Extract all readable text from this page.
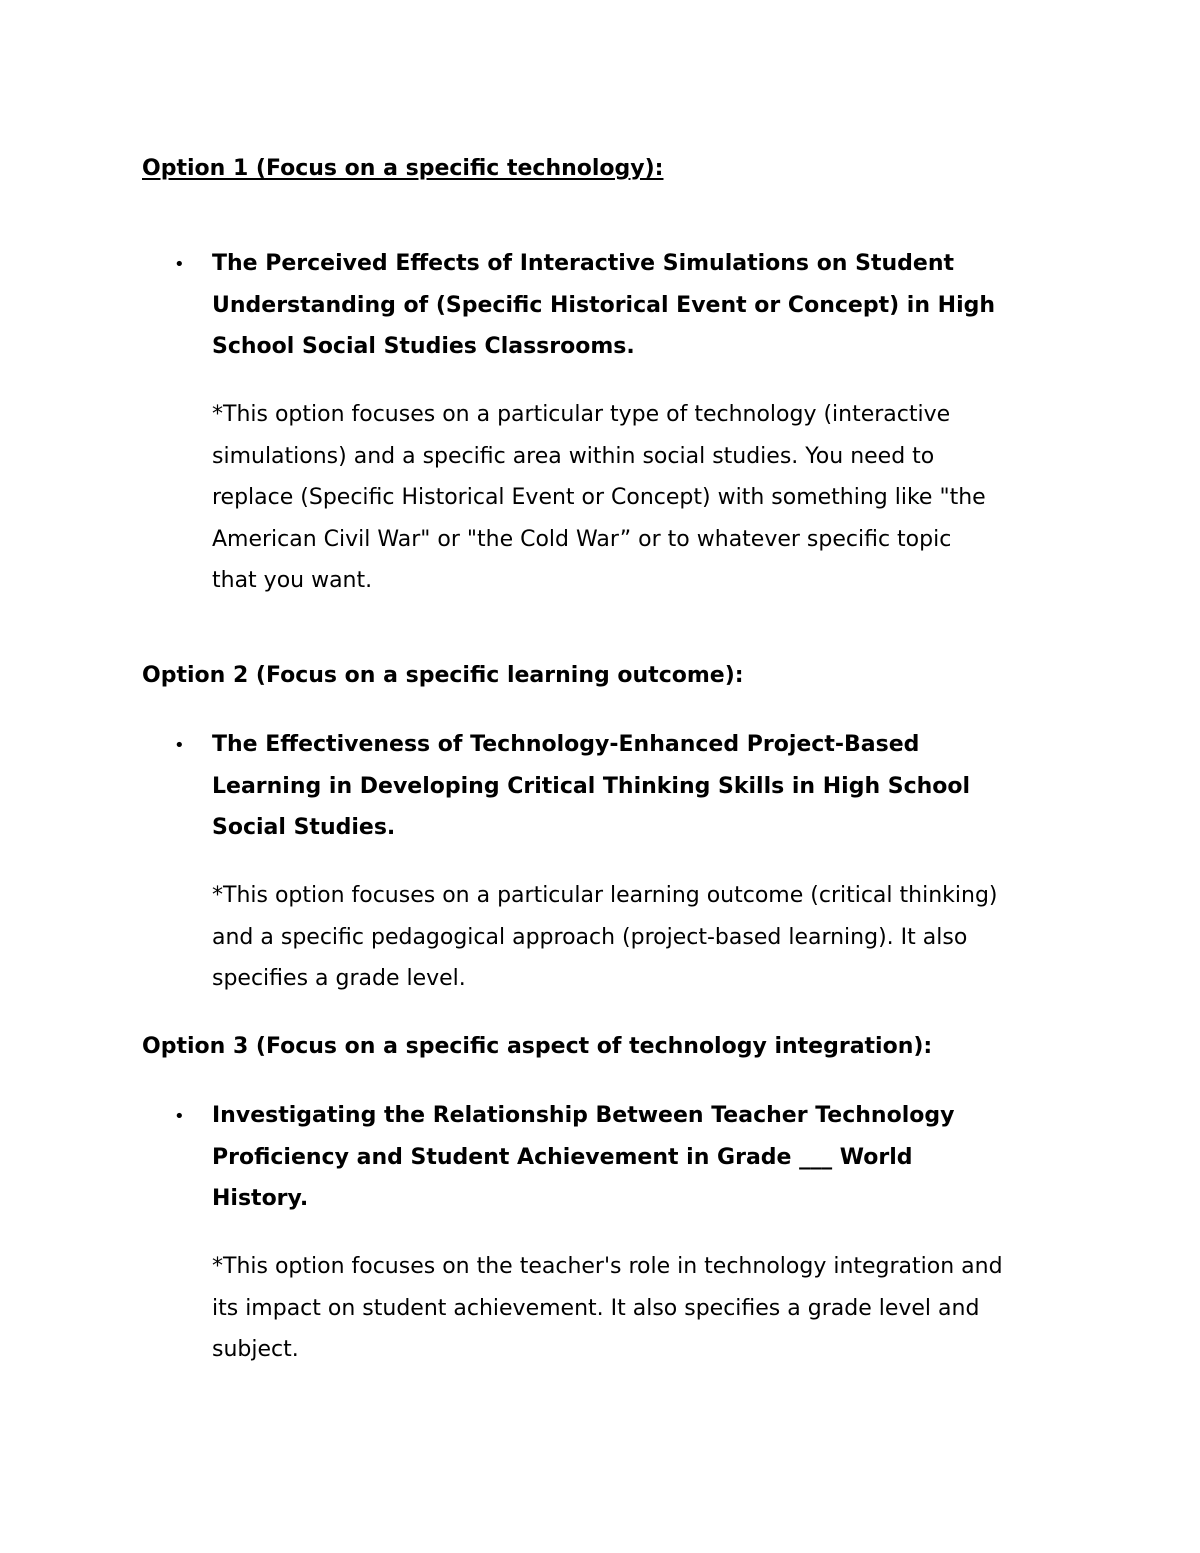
Option 1 (Focus on a specific technology):
• The Perceived Effects of Interactive Simulations on Student
Understanding of (Specific Historical Event or Concept) in High
School Social Studies Classrooms.
*This option focuses on a particular type of technology (interactive
simulations) and a specific area within social studies. You need to
replace (Specific Historical Event or Concept) with something like "the
American Civil War" or "the Cold War” or to whatever specific topic
that you want.
Option 2 (Focus on a specific learning outcome):
• The Effectiveness of Technology-Enhanced Project-Based
Learning in Developing Critical Thinking Skills in High School
Social Studies.
*This option focuses on a particular learning outcome (critical thinking)
and a specific pedagogical approach (project-based learning). It also
specifies a grade level.
Option 3 (Focus on a specific aspect of technology integration):
• Investigating the Relationship Between Teacher Technology
Proficiency and Student Achievement in Grade ___ World
History.
*This option focuses on the teacher's role in technology integration and
its impact on student achievement. It also specifies a grade level and
subject.
